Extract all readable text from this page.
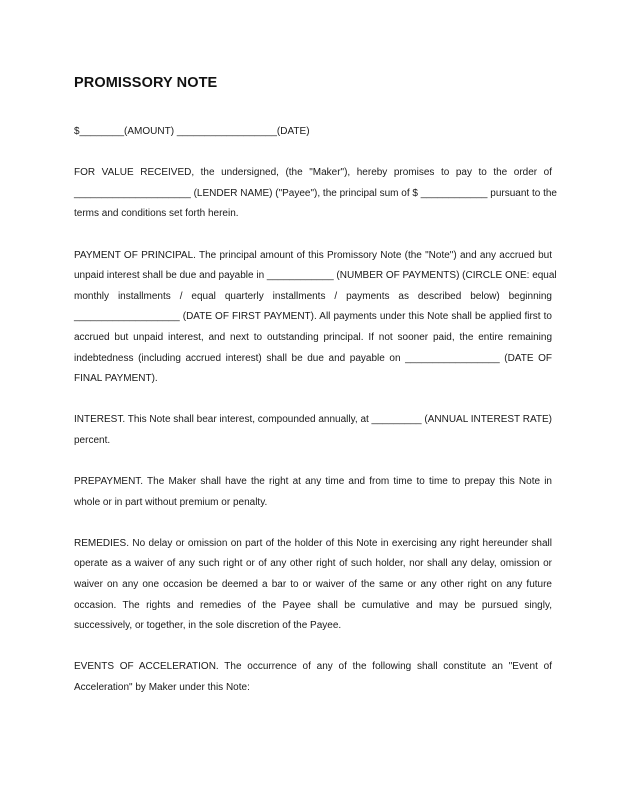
PROMISSORY NOTE
$________(AMOUNT) __________________(DATE)
FOR VALUE RECEIVED, the undersigned, (the "Maker"), hereby promises to pay to the order of
_____________________ (LENDER NAME) ("Payee"), the principal sum of $ ____________ pursuant to the
terms and conditions set forth herein.
PAYMENT OF PRINCIPAL. The principal amount of this Promissory Note (the "Note") and any accrued but
unpaid interest shall be due and payable in ____________ (NUMBER OF PAYMENTS) (CIRCLE ONE: equal
monthly installments / equal quarterly installments / payments as described below) beginning
___________________ (DATE OF FIRST PAYMENT). All payments under this Note shall be applied first to
accrued but unpaid interest, and next to outstanding principal. If not sooner paid, the entire remaining
indebtedness (including accrued interest) shall be due and payable on _________________ (DATE OF
FINAL PAYMENT).
INTEREST. This Note shall bear interest, compounded annually, at _________ (ANNUAL INTEREST RATE)
percent.
PREPAYMENT. The Maker shall have the right at any time and from time to time to prepay this Note in
whole or in part without premium or penalty.
REMEDIES. No delay or omission on part of the holder of this Note in exercising any right hereunder shall
operate as a waiver of any such right or of any other right of such holder, nor shall any delay, omission or
waiver on any one occasion be deemed a bar to or waiver of the same or any other right on any future
occasion. The rights and remedies of the Payee shall be cumulative and may be pursued singly,
successively, or together, in the sole discretion of the Payee.
EVENTS OF ACCELERATION. The occurrence of any of the following shall constitute an "Event of
Acceleration" by Maker under this Note:
